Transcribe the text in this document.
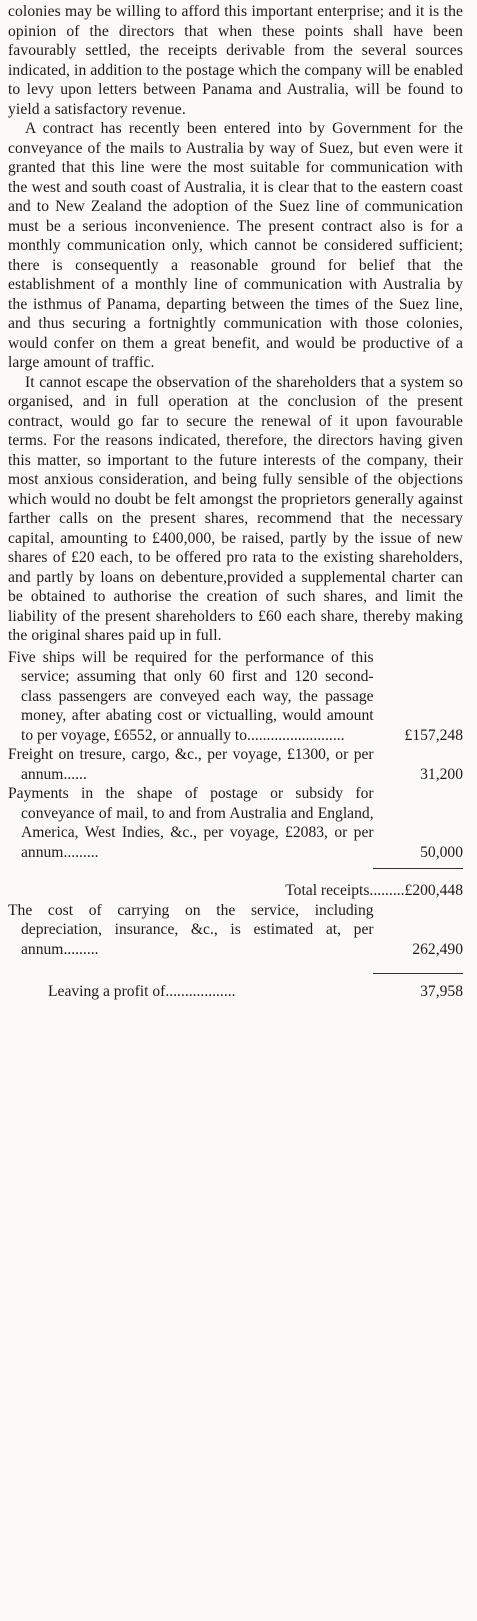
colonies may be willing to afford this important enterprise; and it is the opinion of the directors that when these points shall have been favourably settled, the receipts derivable from the several sources indicated, in addition to the postage which the company will be enabled to levy upon letters between Panama and Australia, will be found to yield a satisfactory revenue.

A contract has recently been entered into by Government for the conveyance of the mails to Australia by way of Suez, but even were it granted that this line were the most suitable for communication with the west and south coast of Australia, it is clear that to the eastern coast and to New Zealand the adoption of the Suez line of communication must be a serious inconvenience. The present contract also is for a monthly communication only, which cannot be considered sufficient; there is consequently a reasonable ground for belief that the establishment of a monthly line of communication with Australia by the isthmus of Panama, departing between the times of the Suez line, and thus securing a fortnightly communication with those colonies, would confer on them a great benefit, and would be productive of a large amount of traffic.

It cannot escape the observation of the shareholders that a system so organised, and in full operation at the conclusion of the present contract, would go far to secure the renewal of it upon favourable terms. For the reasons indicated, therefore, the directors having given this matter, so important to the future interests of the company, their most anxious consideration, and being fully sensible of the objections which would no doubt be felt amongst the proprietors generally against farther calls on the present shares, recommend that the necessary capital, amounting to £400,000, be raised, partly by the issue of new shares of £20 each, to be offered pro rata to the existing shareholders, and partly by loans on debenture,provided a supplemental charter can be obtained to authorise the creation of such shares, and limit the liability of the present shareholders to £60 each share, thereby making the original shares paid up in full.

Five ships will be required for the performance of this service; assuming that only 60 first and 120 second-class passengers are conveyed each way, the passage money, after abating cost or victualling, would amount to per voyage, £6552, or annually to.........................	£157,248
Freight on tresure, cargo, &c., per voyage, £1300, or per annum......	31,200
Payments in the shape of postage or subsidy for conveyance of mail, to and from Australia and England, America, West Indies, &c., per voyage, £2083, or per annum.........	50,000
Total receipts......... £200,448
The cost of carrying on the service, including depreciation, insurance, &c., is estimated at, per annum.........	262,490
Leaving a profit of..................	37,958
